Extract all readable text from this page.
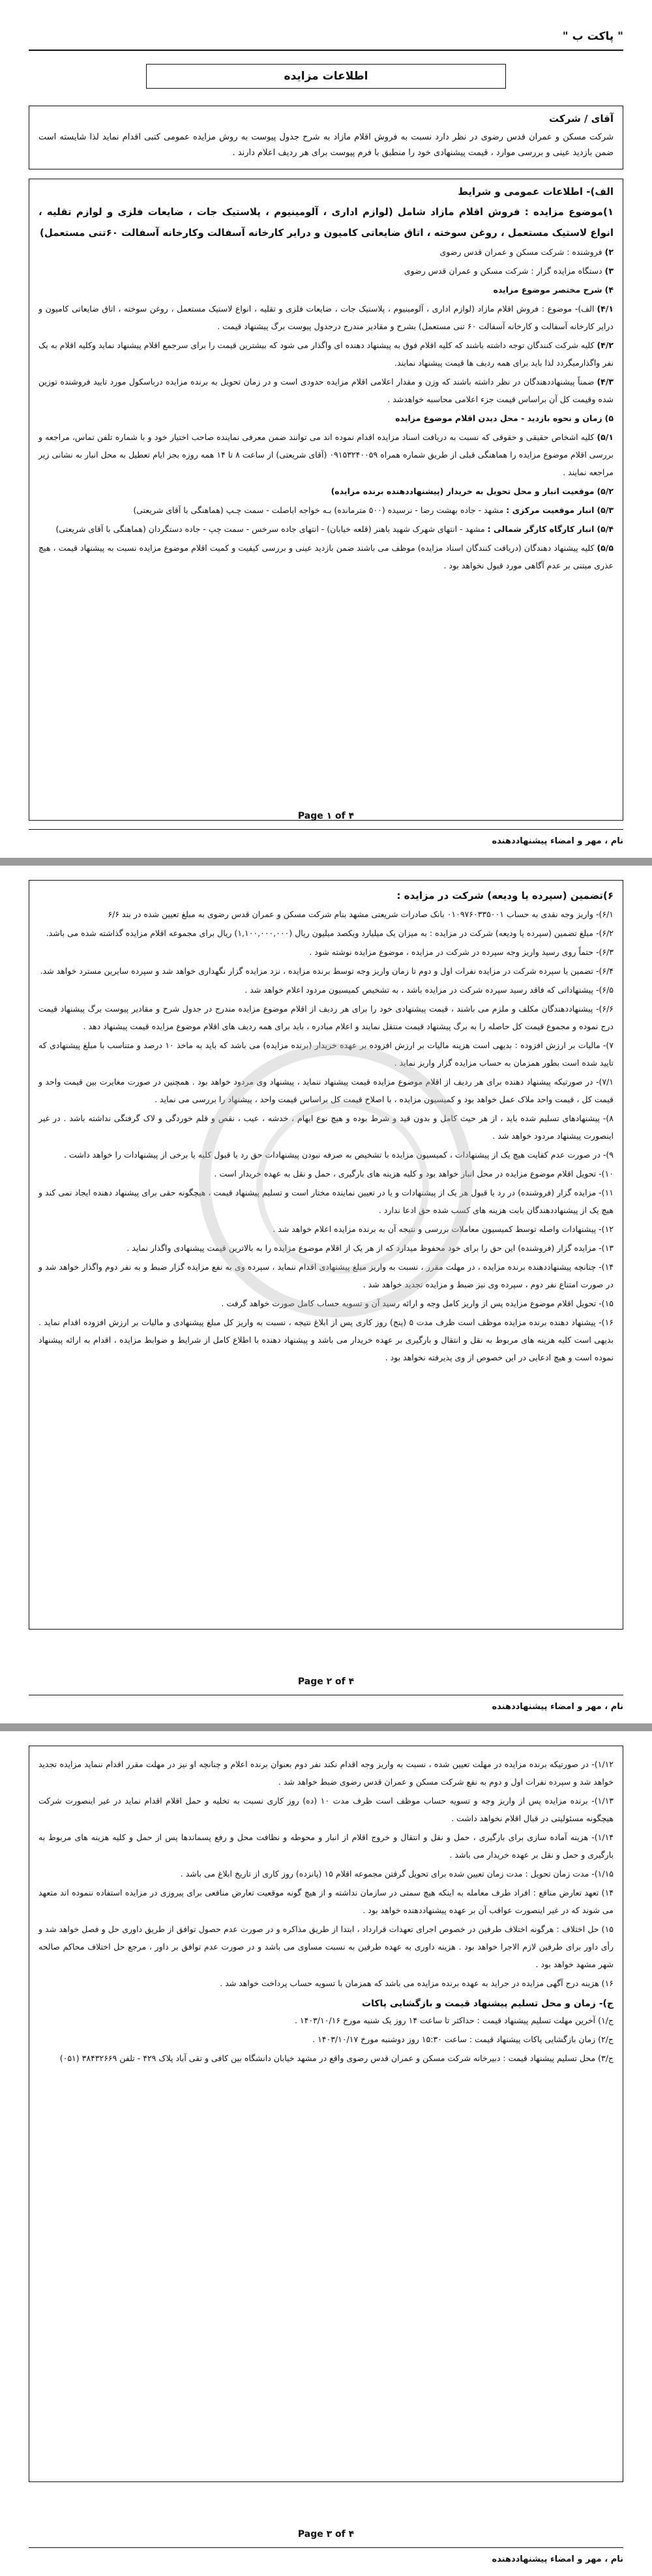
" پاکت ب "
اطلاعات مزایده
آقای / شرکت
شرکت مسکن و عمران قدس رضوی در نظر دارد نسبت به فروش اقلام مازاد به شرح جدول پیوست به روش مزایده عمومی کتبی اقدام نماید لذا شایسته است ضمن بازدید عینی و بررسی موارد ، قیمت پیشنهادی خود را منطبق با فرم پیوست برای هر ردیف اعلام دارند .
الف)- اطلاعات عمومی و شرایط
۱)موضوع مزایده : فروش اقلام مازاد شامل (لوازم اداری ، آلومینیوم ، پلاستیک جات ، ضایعات فلزی و لوازم تقلیه ، انواع لاستیک مستعمل ، روغن سوخته ، اتاق ضایعاتی کامیون و درایر کارخانه آسفالت وکارخانه آسفالت ۶۰تنی مستعمل)
۲)فروشنده : شرکت مسکن و عمران قدس رضوی
۳)دستگاه مزایده گزار : شرکت مسکن و عمران قدس رضوی
۴)شرح مختصر موضوع مزایده
۴/۱)الف)- موضوع : فروش اقلام مازاد (لوازم اداری ، آلومینیوم ، پلاستیک جات ، ضایعات فلزی و تقلیه ، انواع لاستیک مستعمل ، روغن سوخته ، اتاق ضایعاتی کامیون و درایر کارخانه آسفالت و کارخانه آسفالت ۶۰ تنی مستعمل) بشرح و مقادیر مندرج درجدول پیوست برگ پیشنهاد قیمت .
۴/۲)کلیه شرکت کنندگان توجه داشته باشند که کلیه اقلام فوق به پیشنهاد دهنده ای واگذار می شود که بیشترین قیمت را برای سرجمع اقلام پیشنهاد نماید وکلیه اقلام به یک نفر واگذارمیگردد لذا باید برای همه ردیف ها قیمت پیشنهاد نمایند.
۴/۳)ضمناً پیشنهاددهندگان در نظر داشته باشند که وزن و مقدار اعلامی اقلام مزایده حدودی است و در زمان تحویل به برنده مزایده درباسکول مورد تایید فروشنده توزین شده وقیمت کل آن براساس قیمت جزء اعلامی محاسبه خواهدشد .
۵)زمان و نحوه بازدید - محل دیدن اقلام موضوع مزایده
۵/۱)کلیه اشخاص حقیقی و حقوقی که نسبت به دریافت اسناد مزایده اقدام نموده اند می توانند ضمن معرفی نماینده صاحب اختیار خود و با شماره تلفن تماس، مراجعه و بررسی اقلام موضوع مزایده را هماهنگی قبلی از طریق شماره همراه ۰۹۱۵۳۲۴۰۰۵۹ (آقای شریعتی) از ساعت ۸ تا ۱۴ همه روزه بجز ایام تعطیل به محل انبار به نشانی زیر مراجعه نمایند .
۵/۲)موقعیت انبار و محل تحویل به خریدار (پیشنهاددهنده برنده مزایده)
۵/۳)انبار موقعیت مرکزی : مشهد - جاده بهشت رضا - نرسیده (۵۰۰ مترمانده) بـه خواجه اباصلت - سمت چـپ (هماهنگی با آقای شریعتی)
۵/۴)انبار کارگاه کارگر شمالی : مشهد - انتهای شهرک شهید باهنر (قلعه خیابان) - انتهای جاده سرخس - سمت چپ - جاده دستگردان (هماهنگی با آقای شریعتی)
۵/۵)کلیه پیشنهاد دهندگان (دریافت کنندگان اسناد مزایده) موظف می باشند ضمن بازدید عینی و بررسی کیفیت و کمیت اقلام موضوع مزایده نسبت به پیشنهاد قیمت ، هیچ عذری مبتنی بر عدم آگاهی مورد قبول نخواهد بود .
Page ۱ of ۴
نام ، مهر و امضاء پیشنهاددهنده
۶)تضمین (سپرده یا ودیعه) شرکت در مزایده :
۶/۱)- واریز وجه نقدی به حساب ۰۱۰۹۷۶۰۳۳۵۰۰۱ بانک صادرات شریعتی مشهد بنام شرکت مسکن و عمران قدس رضوی به مبلغ تعیین شده در بند ۶/۶
۶/۲)- مبلغ تضمین (سپرده یا ودیعه) شرکت در مزایده : به میزان یک میلیارد ویکصد میلیون ریال (۱,۱۰۰,۰۰۰,۰۰۰) ریال برای مجموعه اقلام مزایده گذاشته شده می باشد.
۶/۳)- حتماً روی رسید واریز وجه سپرده در شرکت در مزایده ، موضوع مزایده نوشته شود .
۶/۴)- تضمین یا سپرده شرکت در مزایده نفرات اول و دوم تا زمان واریز وجه توسط برنده مزایده ، نزد مزایده گزار نگهداری خواهد شد و سپرده سایرین مسترد خواهد شد.
۶/۵)- پیشنهاداتی که فاقد رسید سپرده شرکت در مزایده باشد ، به تشخیص کمیسیون مردود اعلام خواهد شد .
۶/۶)- پیشنهاددهندگان مکلف و ملزم می باشند ، قیمت پیشنهادی خود را برای هر ردیف از اقلام موضوع مزایده مندرج در جدول شرح و مقادیر پیوست برگ پیشنهاد قیمت درج نموده و مجموع قیمت کل حاصله را به برگ پیشنهاد قیمت منتقل نمایند و اعلام مبادره ، باید برای همه ردیف های اقلام موضوع مزایده قیمت پیشنهاد دهد .
۷)- مالیات بر ارزش افزوده : بدیهی است هزینه مالیات بر ارزش افزوده بر عهده خریدار (برنده مزایده) می باشد که باید به ماخذ ۱۰ درصد و متناسب با مبلغ پیشنهادی که تایید شده است بطور همزمان به حساب مزایده گزار واریز نماید .
۷/۱)- در صورتیکه پیشنهاد دهنده برای هر ردیف از اقلام موضوع مزایده قیمت پیشنهاد ننماید ، پیشنهاد وی مردود خواهد بود . همچنین در صورت مغایرت بین قیمت واحد و قیمت کل ، قیمت واحد ملاک عمل خواهد بود و کمیسیون مزایده ، با اصلاح قیمت کل براساس قیمت واحد ، پیشنهاد را بررسی می نماید .
۸)- پیشنهادهای تسلیم شده باید ، از هر حیث کامل و بدون قید و شرط بوده و هیچ نوع ابهام ، خدشه ، عیب ، نقص و قلم خوردگی و لاک گرفتگی نداشته باشد . در غیر اینصورت پیشنهاد مردود خواهد شد .
۹)- در صورت عدم کفایت هیچ یک از پیشنهادات ، کمیسیون مزایده با تشخیص به صرفه نبودن پیشنهادات حق رد یا قبول کلیه یا برخی از پیشنهادات را خواهد داشت .
۱۰)- تحویل اقلام موضوع مزایده در محل انبار خواهد بود و کلیه هزینه های بارگیری ، حمل و نقل به عهده خریدار است .
۱۱)- مزایده گزار (فروشنده) در رد یا قبول هر یک از پیشنهادات و یا در تعیین نماینده مختار است و تسلیم پیشنهاد قیمت ، هیچگونه حقی برای پیشنهاد دهنده ایجاد نمی کند و هیچ یک از پیشنهاددهندگان بابت هزینه های کسب شده حق ادعا ندارد .
۱۲)- پیشنهادات واصله توسط کمیسیون معاملات بررسی و نتیجه آن به برنده مزایده اعلام خواهد شد .
۱۳)- مزایده گزار (فروشنده) این حق را برای خود محفوظ میدارد که از هر یک از اقلام موضوع مزایده را به بالاترین قیمت پیشنهادی واگذار نماید .
۱۴)- چنانچه پیشنهاددهنده برنده مزایده ، در مهلت مقرر ، نسبت به واریز مبلغ پیشنهادی اقدام ننماید ، سپرده وی به نفع مزایده گزار ضبط و به نفر دوم واگذار خواهد شد و در صورت امتناع نفر دوم ، سپرده وی نیز ضبط و مزایده تجدید خواهد شد .
۱۵)- تحویل اقلام موضوع مزایده پس از واریز کامل وجه و ارائه رسید آن و تسویه حساب کامل صورت خواهد گرفت .
۱۶)- پیشنهاد دهنده برنده مزایده موظف است ظرف مدت ۵ (پنج) روز کاری پس از ابلاغ نتیجه ، نسبت به واریز کل مبلغ پیشنهادی و مالیات بر ارزش افزوده اقدام نماید . بدیهی است کلیه هزینه های مربوط به نقل و انتقال و بارگیری بر عهده خریدار می باشد و پیشنهاد دهنده با اطلاع کامل از شرایط و ضوابط مزایده ، اقدام به ارائه پیشنهاد نموده است و هیچ ادعایی در این خصوص از وی پذیرفته نخواهد بود .
Page ۲ of ۴
نام ، مهر و امضاء پیشنهاددهنده
۱/۱۲)- در صورتیکه برنده مزایده در مهلت تعیین شده ، نسبت به واریز وجه اقدام نکند نفر دوم بعنوان برنده اعلام و چنانچه او نیز در مهلت مقرر اقدام ننماید مزایده تجدید خواهد شد و سپرده نفرات اول و دوم به نفع شرکت مسکن و عمران قدس رضوی ضبط خواهد شد .
۱/۱۳)- برنده مزایده پس از واریز وجه و تسویه حساب موظف است ظرف مدت ۱۰ (ده) روز کاری نسبت به تخلیه و حمل اقلام اقدام نماید در غیر اینصورت شرکت هیچگونه مسئولیتی در قبال اقلام نخواهد داشت .
۱/۱۴)- هزینه آماده سازی برای بارگیری ، حمل و نقل و انتقال و خروج اقلام از انبار و محوطه و نظافت محل و رفع پسماندها پس از حمل و کلیه هزینه های مربوط به بارگیری و حمل و نقل بر عهده خریدار می باشد .
۱/۱۵)- مدت زمان تحویل : مدت زمان تعیین شده برای تحویل گرفتن مجموعه اقلام ۱۵ (پانزده) روز کاری از تاریخ ابلاغ می باشد .
۱۴) تعهد تعارض منافع : افراد طرف معامله به اینکه هیچ سمتی در سازمان نداشته و از هیچ گونه موقعیت تعارض منافعی برای پیروزی در مزایده استفاده ننموده اند متعهد می شوند که در غیر اینصورت عواقب آن بر عهده پیشنهاددهنده خواهد بود .
۱۵) حل اختلاف : هرگونه اختلاف طرفین در خصوص اجرای تعهدات قرارداد ، ابتدا از طریق مذاکره و در صورت عدم حصول توافق از طریق داوری حل و فصل خواهد شد و رأی داور برای طرفین لازم الاجرا خواهد بود . هزینه داوری به عهده طرفین به نسبت مساوی می باشد و در صورت عدم توافق بر داور ، مرجع حل اختلاف محاکم صالحه شهر مشهد خواهد بود .
۱۶) هزینه درج آگهی مزایده در جراید به عهده برنده مزایده می باشد که همزمان با تسویه حساب پرداخت خواهد شد .
ج)- زمان و محل تسلیم پیشنهاد قیمت و بازگشایی پاکات
ج/۱) آخرین مهلت تسلیم پیشنهاد قیمت : حداکثر تا ساعت ۱۴ روز یک شنبه مورخ ۱۴۰۳/۱۰/۱۶ .
ج/۲) زمان بازگشایی پاکات پیشنهاد قیمت : ساعت ۱۵:۳۰ روز دوشنبه مورخ ۱۴۰۳/۱۰/۱۷ .
ج/۳) محل تسلیم پیشنهاد قیمت : دبیرخانه شرکت مسکن و عمران قدس رضوی واقع در مشهد خیابان دانشگاه بین کافی و تقی آباد پلاک ۴۲۹ - تلفن ۳۸۴۳۲۶۶۹ (۰۵۱)
Page ۳ of ۴
نام ، مهر و امضاء پیشنهاددهنده
